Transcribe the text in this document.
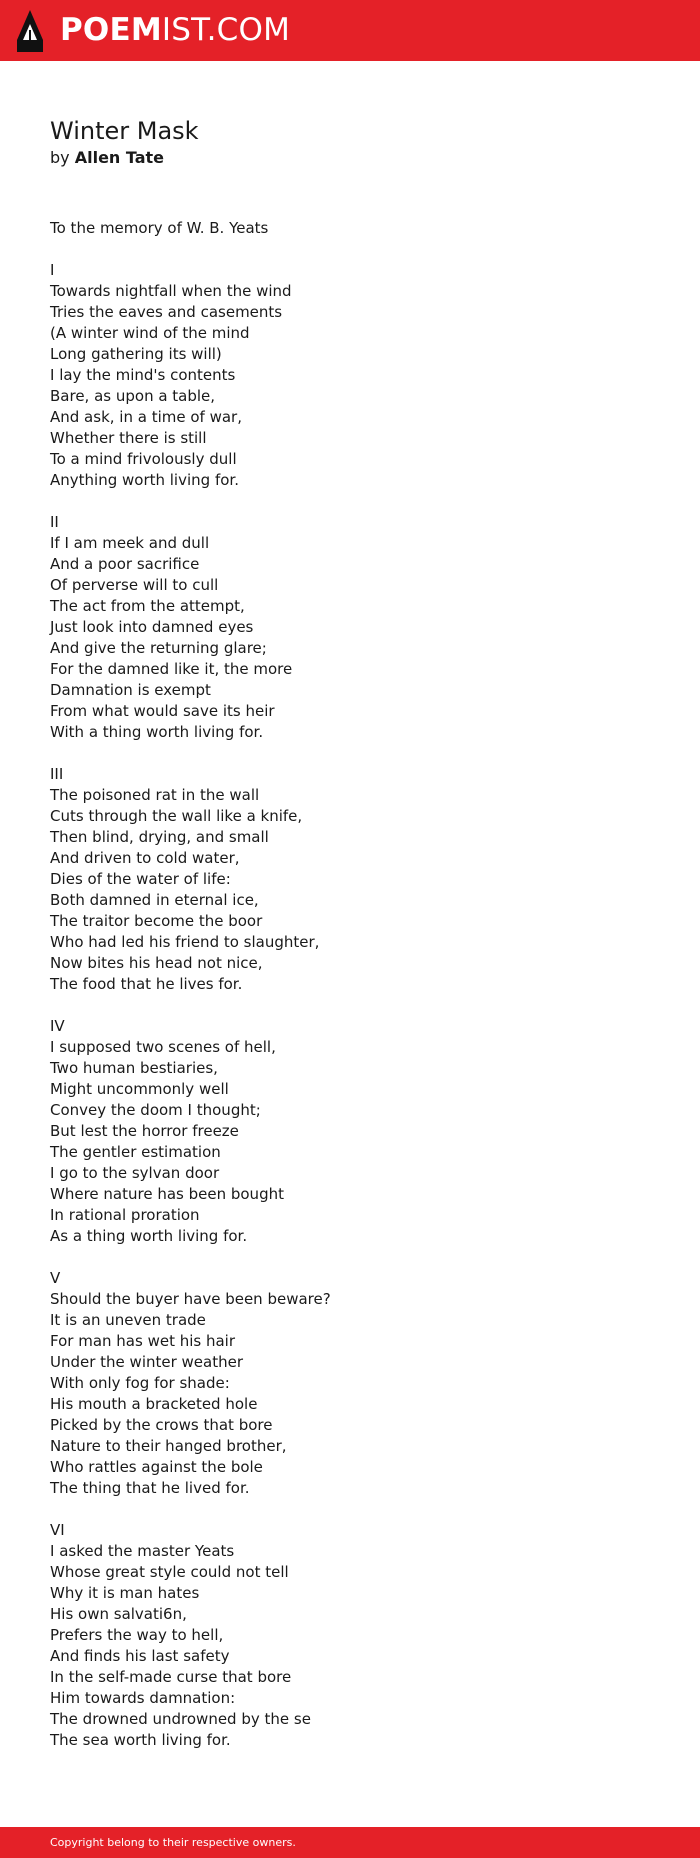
POEMIST.COM
Winter Mask
by Allen Tate
To the memory of W. B. Yeats
I
Towards nightfall when the wind
Tries the eaves and casements
(A winter wind of the mind
Long gathering its will)
I lay the mind's contents
Bare, as upon a table,
And ask, in a time of war,
Whether there is still
To a mind frivolously dull
Anything worth living for.
II
If I am meek and dull
And a poor sacrifice
Of perverse will to cull
The act from the attempt,
Just look into damned eyes
And give the returning glare;
For the damned like it, the more
Damnation is exempt
From what would save its heir
With a thing worth living for.
III
The poisoned rat in the wall
Cuts through the wall like a knife,
Then blind, drying, and small
And driven to cold water,
Dies of the water of life:
Both damned in eternal ice,
The traitor become the boor
Who had led his friend to slaughter,
Now bites his head not nice,
The food that he lives for.
IV
I supposed two scenes of hell,
Two human bestiaries,
Might uncommonly well
Convey the doom I thought;
But lest the horror freeze
The gentler estimation
I go to the sylvan door
Where nature has been bought
In rational proration
As a thing worth living for.
V
Should the buyer have been beware?
It is an uneven trade
For man has wet his hair
Under the winter weather
With only fog for shade:
His mouth a bracketed hole
Picked by the crows that bore
Nature to their hanged brother,
Who rattles against the bole
The thing that he lived for.
VI
I asked the master Yeats
Whose great style could not tell
Why it is man hates
His own salvati6n,
Prefers the way to hell,
And finds his last safety
In the self-made curse that bore
Him towards damnation:
The drowned undrowned by the se
The sea worth living for.
Copyright belong to their respective owners.
